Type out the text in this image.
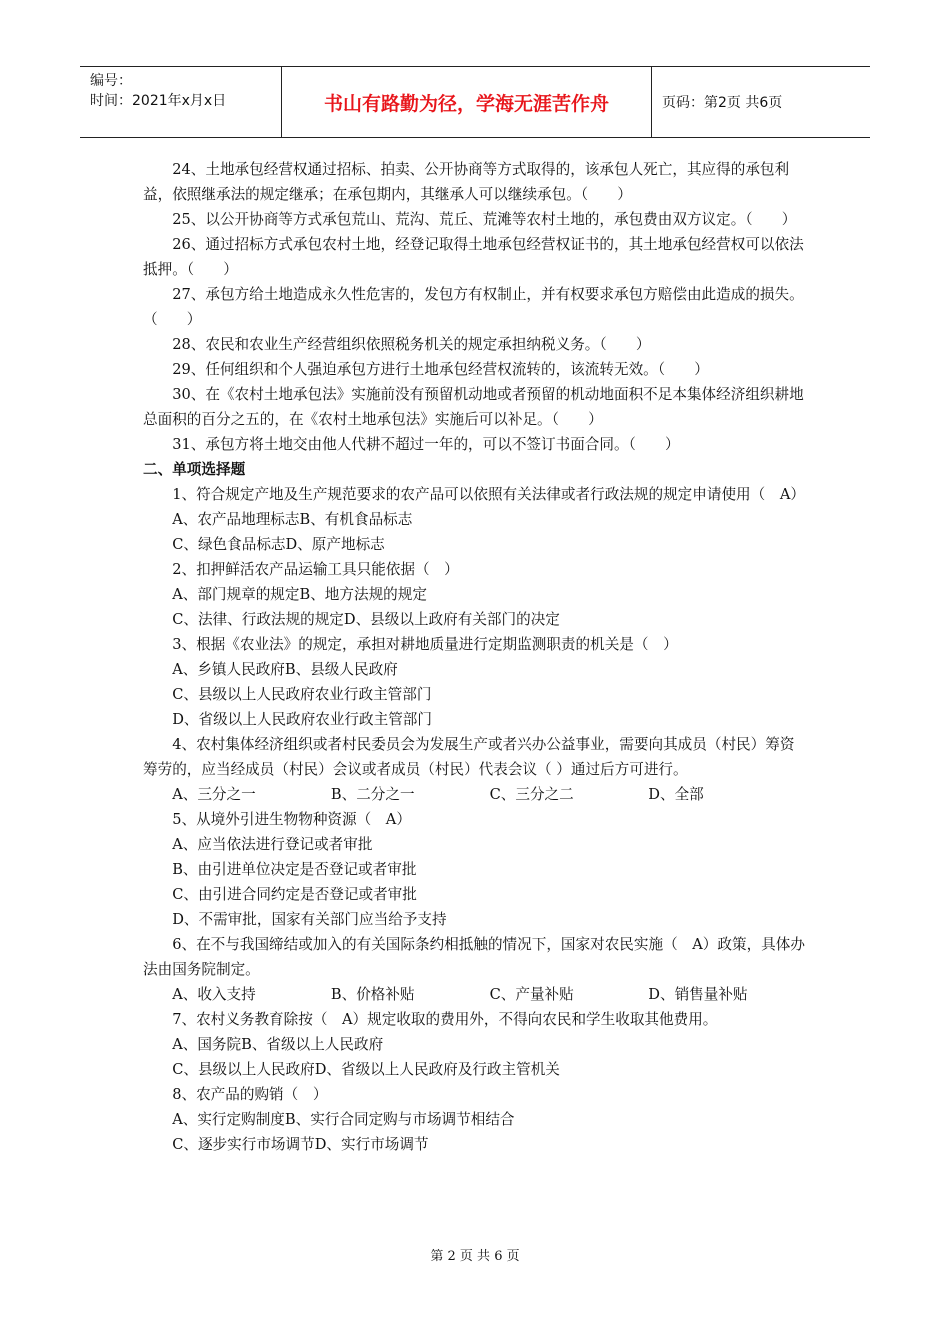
编号：
时间：2021年x月x日	书山有路勤为径，学海无涯苦作舟	页码：第2页 共6页

24、土地承包经营权通过招标、拍卖、公开协商等方式取得的，该承包人死亡，其应得的承包利益，依照继承法的规定继承；在承包期内，其继承人可以继续承包。（　　）

25、以公开协商等方式承包荒山、荒沟、荒丘、荒滩等农村土地的，承包费由双方议定。（　　）

26、通过招标方式承包农村土地，经登记取得土地承包经营权证书的，其土地承包经营权可以依法抵押。（　　）

27、承包方给土地造成永久性危害的，发包方有权制止，并有权要求承包方赔偿由此造成的损失。（　　）

28、农民和农业生产经营组织依照税务机关的规定承担纳税义务。（　　）

29、任何组织和个人强迫承包方进行土地承包经营权流转的，该流转无效。（　　）

30、在《农村土地承包法》实施前没有预留机动地或者预留的机动地面积不足本集体经济组织耕地总面积的百分之五的，在《农村土地承包法》实施后可以补足。（　　）

31、承包方将土地交由他人代耕不超过一年的，可以不签订书面合同。（　　）

二、单项选择题

1、符合规定产地及生产规范要求的农产品可以依照有关法律或者行政法规的规定申请使用（　A）

A、农产品地理标志B、有机食品标志

C、绿色食品标志D、原产地标志

2、扣押鲜活农产品运输工具只能依据（　）

A、部门规章的规定B、地方法规的规定

C、法律、行政法规的规定D、县级以上政府有关部门的决定

3、根据《农业法》的规定，承担对耕地质量进行定期监测职责的机关是（　）

A、乡镇人民政府B、县级人民政府

C、县级以上人民政府农业行政主管部门

D、省级以上人民政府农业行政主管部门

4、农村集体经济组织或者村民委员会为发展生产或者兴办公益事业，需要向其成员（村民）筹资筹劳的，应当经成员（村民）会议或者成员（村民）代表会议（ ）通过后方可进行。

A、三分之一	B、二分之一	C、三分之二	D、全部

5、从境外引进生物物种资源（　A）

A、应当依法进行登记或者审批

B、由引进单位决定是否登记或者审批

C、由引进合同约定是否登记或者审批

D、不需审批，国家有关部门应当给予支持

6、在不与我国缔结或加入的有关国际条约相抵触的情况下，国家对农民实施（　A）政策，具体办法由国务院制定。

A、收入支持	B、价格补贴	C、产量补贴	D、销售量补贴

7、农村义务教育除按（　A）规定收取的费用外，不得向农民和学生收取其他费用。

A、国务院B、省级以上人民政府

C、县级以上人民政府D、省级以上人民政府及行政主管机关

8、农产品的购销（　）

A、实行定购制度B、实行合同定购与市场调节相结合

C、逐步实行市场调节D、实行市场调节

第 2 页 共 6 页
